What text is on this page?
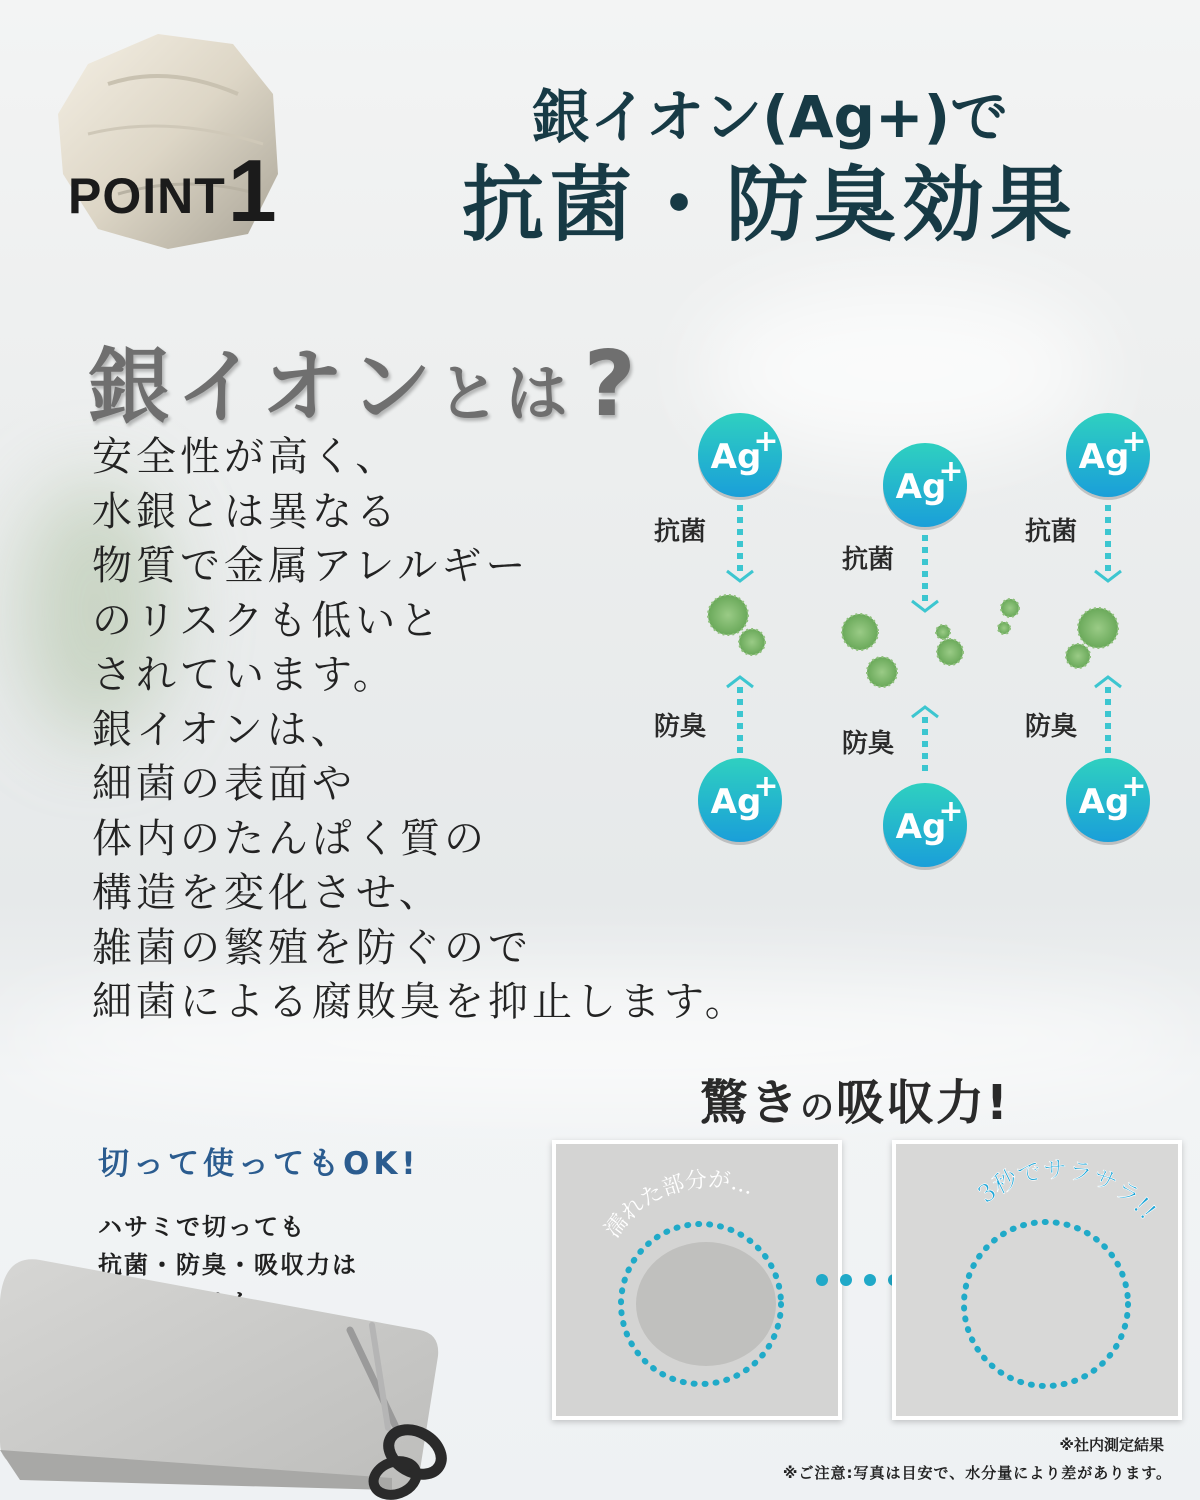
POINT1
銀イオン(Ag+)で
抗菌・防臭効果
銀イオンとは ?
安全性が高く、
水銀とは異なる
物質で金属アレルギー
のリスクも低いと
されています。
銀イオンは、
細菌の表面や
体内のたんぱく質の
構造を変化させ、
雑菌の繁殖を防ぐので
細菌による腐敗臭を抑止します。
抗菌
防臭
抗菌
防臭
抗菌
防臭
Ag
+
Ag
+
Ag
+
Ag
+
Ag
+
Ag
+
驚きの吸収力!
切って使ってもOK!
ハサミで切っても
抗菌・防臭・吸収力は
濡れた部分が…	3秒でサラサラ!!
※社内測定結果
※ご注意:写真は目安で、水分量により差があります。
